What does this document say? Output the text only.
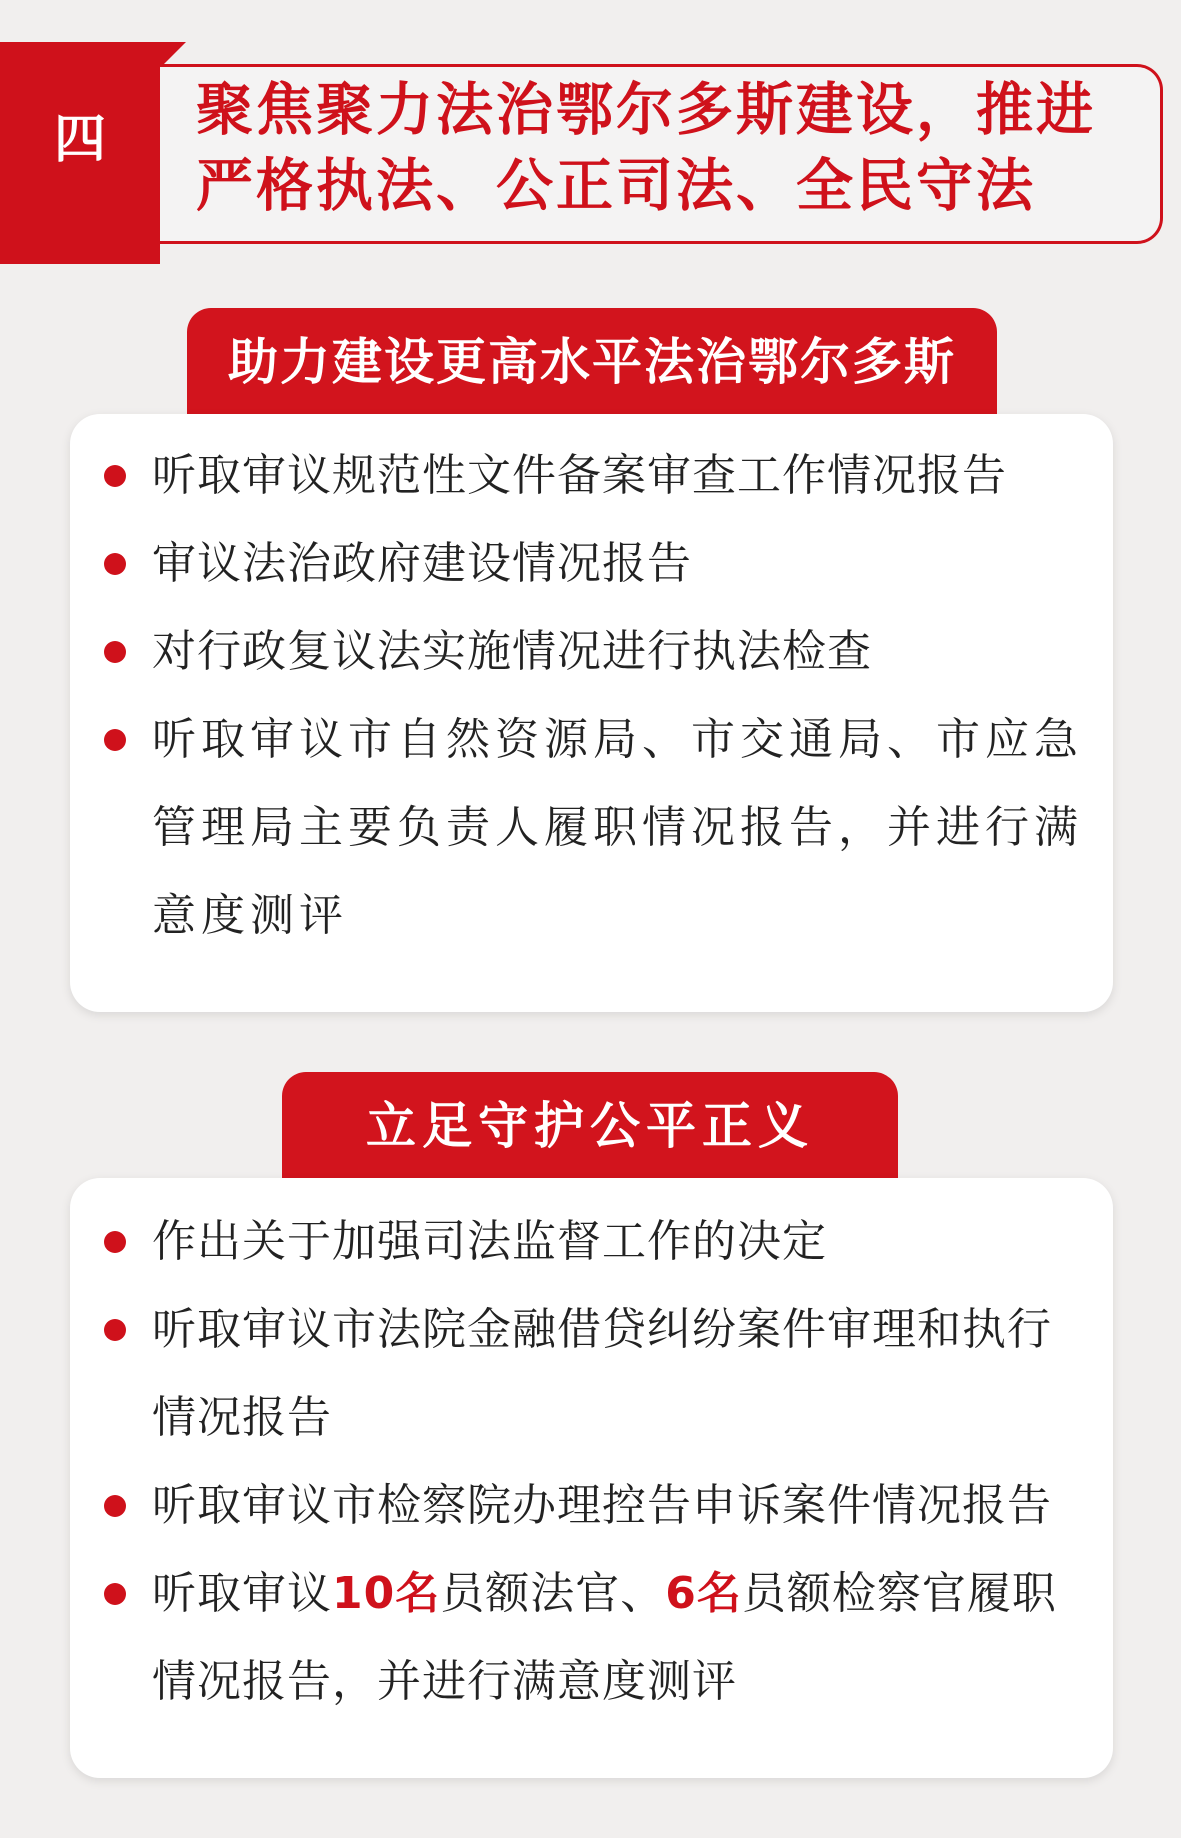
四	聚焦聚力法治鄂尔多斯建设，推进
严格执法、公正司法、全民守法
助力建设更高水平法治鄂尔多斯
听取审议规范性文件备案审查工作情况报告
审议法治政府建设情况报告
对行政复议法实施情况进行执法检查
听取审议市自然资源局、市交通局、市应急管理局主要负责人履职情况报告，并进行满意度测评
立足守护公平正义
作出关于加强司法监督工作的决定
听取审议市法院金融借贷纠纷案件审理和执行情况报告
听取审议市检察院办理控告申诉案件情况报告
听取审议10名员额法官、6名员额检察官履职情况报告，并进行满意度测评
